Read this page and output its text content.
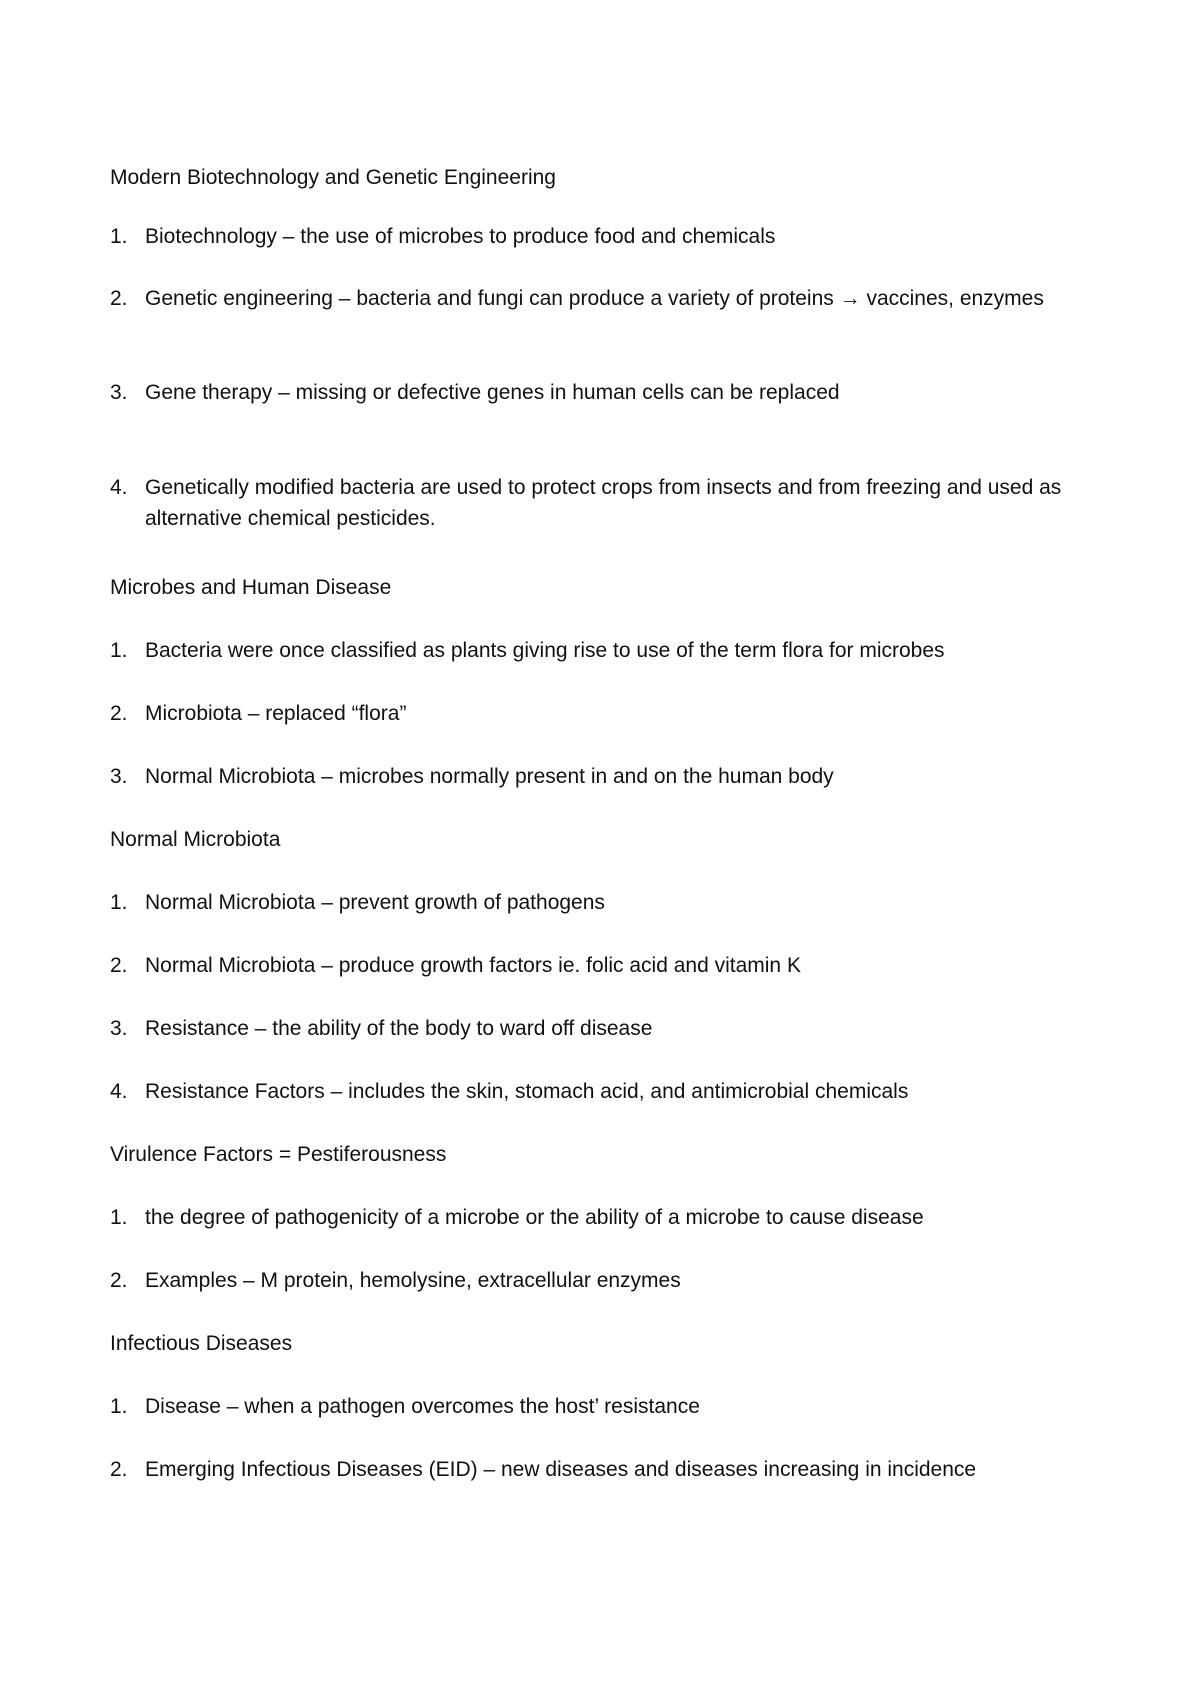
Modern Biotechnology and Genetic Engineering
1. Biotechnology – the use of microbes to produce food and chemicals
2. Genetic engineering – bacteria and fungi can produce a variety of proteins → vaccines, enzymes
3. Gene therapy – missing or defective genes in human cells can be replaced
4. Genetically modified bacteria are used to protect crops from insects and from freezing and used as alternative chemical pesticides.
Microbes and Human Disease
1. Bacteria were once classified as plants giving rise to use of the term flora for microbes
2. Microbiota – replaced “flora”
3. Normal Microbiota – microbes normally present in and on the human body
Normal Microbiota
1. Normal Microbiota – prevent growth of pathogens
2. Normal Microbiota – produce growth factors ie. folic acid and vitamin K
3. Resistance – the ability of the body to ward off disease
4. Resistance Factors – includes the skin, stomach acid, and antimicrobial chemicals
Virulence Factors = Pestiferousness
1. the degree of pathogenicity of a microbe or the ability of a microbe to cause disease
2. Examples – M protein, hemolysine, extracellular enzymes
Infectious Diseases
1. Disease – when a pathogen overcomes the host’ resistance
2. Emerging Infectious Diseases (EID) – new diseases and diseases increasing in incidence
